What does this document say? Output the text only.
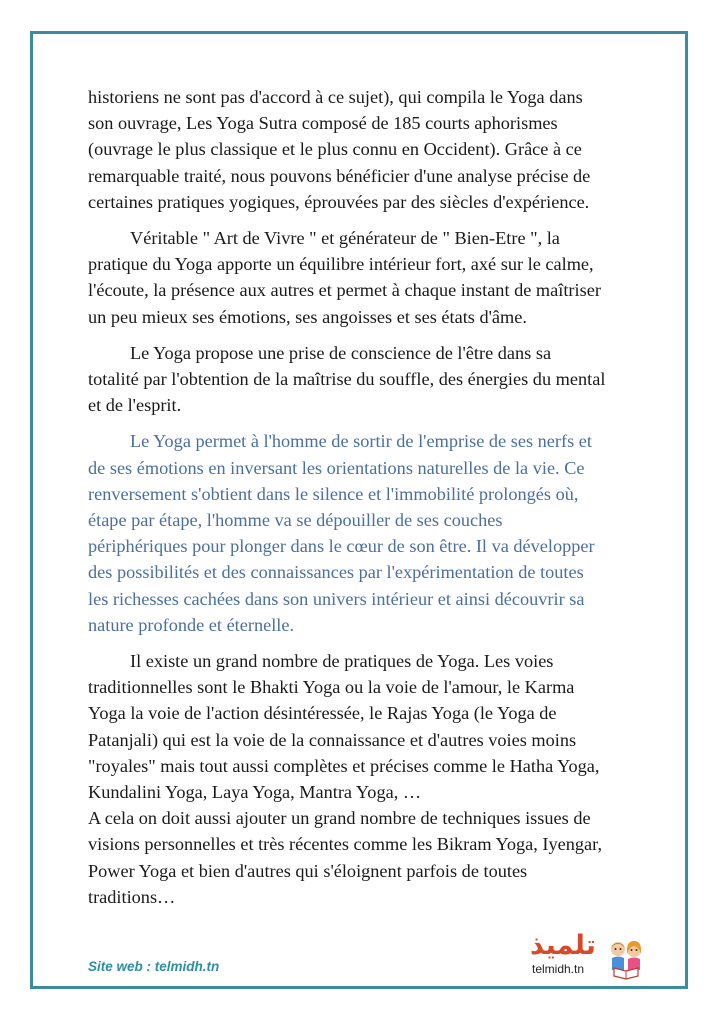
historiens ne sont pas d'accord à ce sujet), qui compila le Yoga dans
son ouvrage, Les Yoga Sutra composé de 185 courts aphorismes
(ouvrage le plus classique et le plus connu en Occident). Grâce à ce
remarquable traité, nous pouvons bénéficier d'une analyse précise de
certaines pratiques yogiques, éprouvées par des siècles d'expérience.
Véritable " Art de Vivre " et générateur de " Bien-Etre ", la
pratique du Yoga apporte un équilibre intérieur fort, axé sur le calme,
l'écoute, la présence aux autres et permet à chaque instant de maîtriser
un peu mieux ses émotions, ses angoisses et ses états d'âme.
Le Yoga propose une prise de conscience de l'être dans sa
totalité par l'obtention de la maîtrise du souffle, des énergies du mental
et de l'esprit.
Le Yoga permet à l'homme de sortir de l'emprise de ses nerfs et
de ses émotions en inversant les orientations naturelles de la vie. Ce
renversement s'obtient dans le silence et l'immobilité prolongés où,
étape par étape, l'homme va se dépouiller de ses couches
périphériques pour plonger dans le cœur de son être. Il va développer
des possibilités et des connaissances par l'expérimentation de toutes
les richesses cachées dans son univers intérieur et ainsi découvrir sa
nature profonde et éternelle.
Il existe un grand nombre de pratiques de Yoga. Les voies
traditionnelles sont le Bhakti Yoga ou la voie de l'amour, le Karma
Yoga la voie de l'action désintéressée, le Rajas Yoga (le Yoga de
Patanjali) qui est la voie de la connaissance et d'autres voies moins
"royales" mais tout aussi complètes et précises comme le Hatha Yoga,
Kundalini Yoga, Laya Yoga, Mantra Yoga, …
A cela on doit aussi ajouter un grand nombre de techniques issues de
visions personnelles et très récentes comme les Bikram Yoga, Iyengar,
Power Yoga et bien d'autres qui s'éloignent parfois de toutes
traditions…
Site web : telmidh.tn
تلميذ
telmidh.tn
